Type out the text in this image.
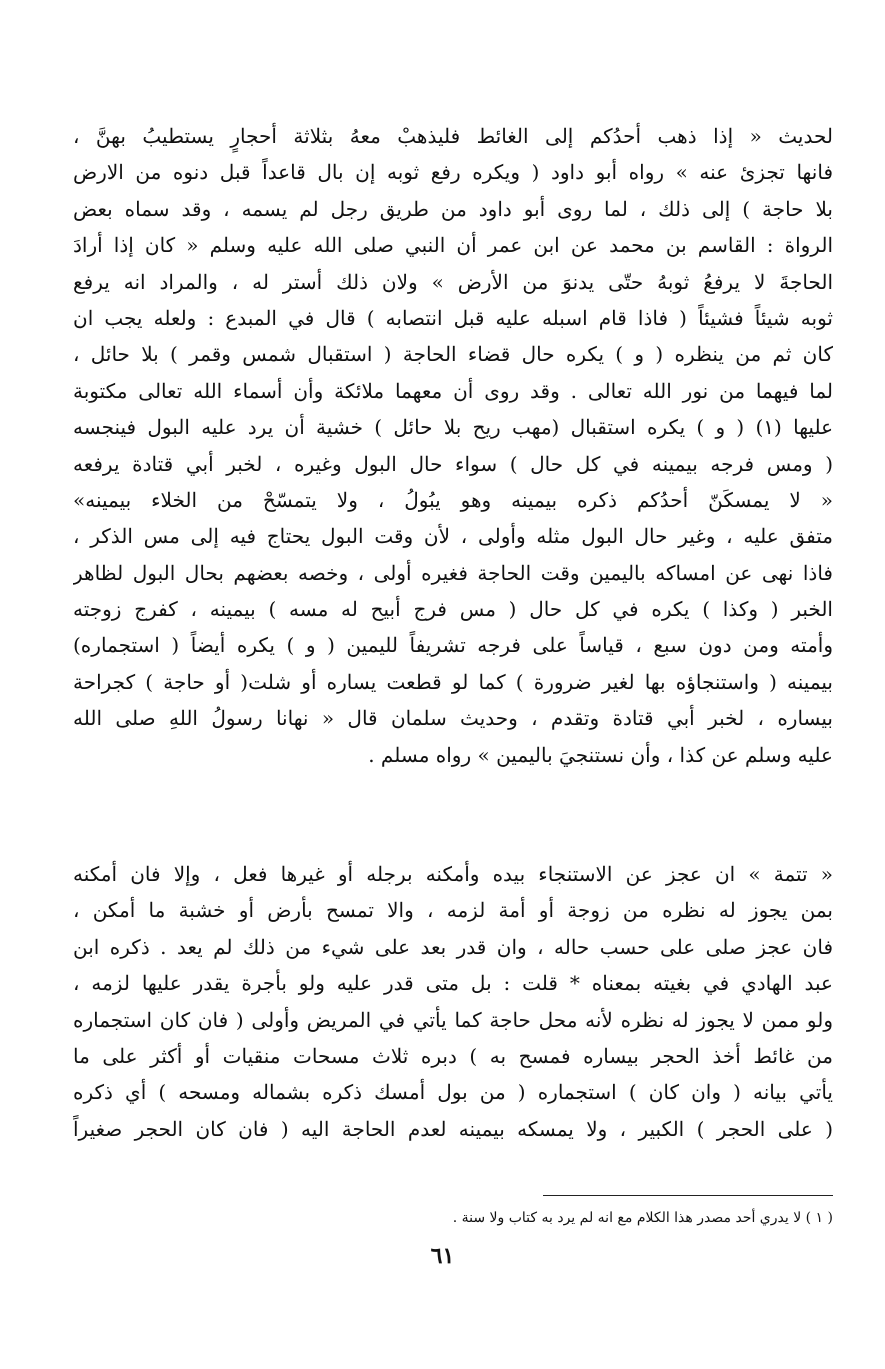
لحديث « إذا ذهب أحدُكم إلى الغائط فليذهبْ معهُ بثلاثة أحجارٍ يستطيبُ بهنَّ ،
فانها تجزئ عنه » رواه أبو داود ( ويكره رفع ثوبه إن بال قاعداً قبل دنوه من الارض
بلا حاجة ) إلى ذلك ، لما روى أبو داود من طريق رجل لم يسمه ، وقد سماه بعض
الرواة : القاسم بن محمد عن ابن عمر أن النبي صلى الله عليه وسلم « كان إذا أرادَ
الحاجةَ لا يرفعُ ثوبهُ حتّى يدنوَ من الأرض » ولان ذلك أستر له ، والمراد انه يرفع
ثوبه شيئاً فشيئاً ( فاذا قام اسبله عليه قبل انتصابه ) قال في المبدع : ولعله يجب ان
كان ثم من ينظره ( و ) يكره حال قضاء الحاجة ( استقبال شمس وقمر ) بلا حائل ،
لما فيهما من نور الله تعالى . وقد روى أن معهما ملائكة وأن أسماء الله تعالى مكتوبة
عليها (١) ( و ) يكره استقبال (مهب ريح بلا حائل ) خشية أن يرد عليه البول فينجسه
( ومس فرجه بيمينه في كل حال ) سواء حال البول وغيره ، لخبر أبي قتادة يرفعه
« لا يمسكَنّ أحدُكم ذكره بيمينه وهو يبُولُ ، ولا يتمسّحْ من الخلاء بيمينه»
متفق عليه ، وغير حال البول مثله وأولى ، لأن وقت البول يحتاج فيه إلى مس الذكر ،
فاذا نهى عن امساكه باليمين وقت الحاجة فغيره أولى ، وخصه بعضهم بحال البول لظاهر
الخبر ( وكذا ) يكره في كل حال ( مس فرج أبيح له مسه ) بيمينه ، كفرج زوجته
وأمته ومن دون سبع ، قياساً على فرجه تشريفاً لليمين ( و ) يكره أيضاً ( استجماره)
بيمينه ( واستنجاؤه بها لغير ضرورة ) كما لو قطعت يساره أو شلت( أو حاجة ) كجراحة
بيساره ، لخبر أبي قتادة وتقدم ، وحديث سلمان قال « نهانا رسولُ اللهِ صلى الله
عليه وسلم عن كذا ، وأن نستنجيَ باليمين » رواه مسلم .
« تتمة » ان عجز عن الاستنجاء بيده وأمكنه برجله أو غيرها فعل ، وإلا فان أمكنه
بمن يجوز له نظره من زوجة أو أمة لزمه ، والا تمسح بأرض أو خشبة ما أمكن ،
فان عجز صلى على حسب حاله ، وان قدر بعد على شيء من ذلك لم يعد . ذكره ابن
عبد الهادي في بغيته بمعناه * قلت : بل متى قدر عليه ولو بأجرة يقدر عليها لزمه ،
ولو ممن لا يجوز له نظره لأنه محل حاجة كما يأتي في المريض وأولى ( فان كان استجماره
من غائط أخذ الحجر بيساره فمسح به ) دبره ثلاث مسحات منقيات أو أكثر على ما
يأتي بيانه ( وان كان ) استجماره ( من بول أمسك ذكره بشماله ومسحه ) أي ذكره
( على الحجر ) الكبير ، ولا يمسكه بيمينه لعدم الحاجة اليه ( فان كان الحجر صغيراً
( ١ ) لا يدري أحد مصدر هذا الكلام مع انه لم يرد به كتاب ولا سنة .
٦١
